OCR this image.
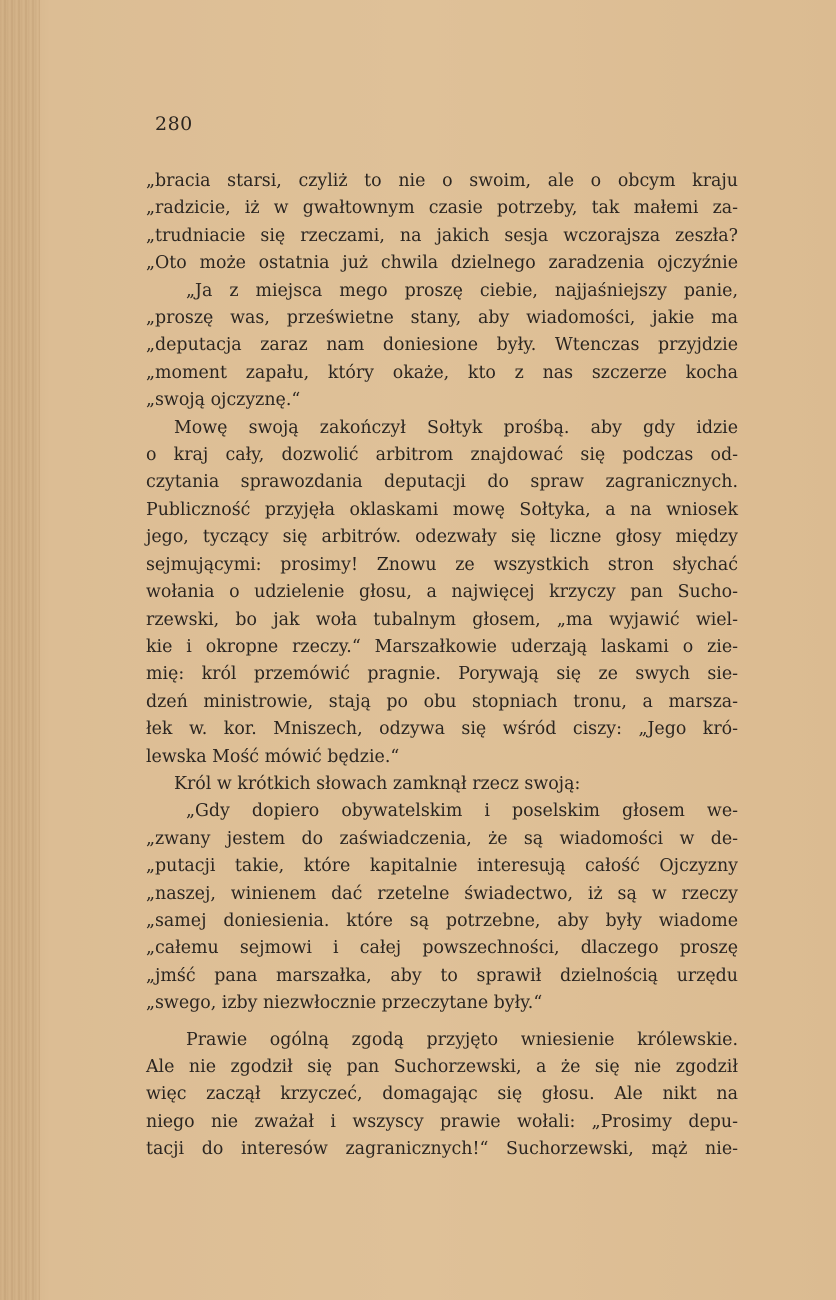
280
„bracia starsi, czyliż to nie o swoim, ale o obcym kraju
„radzicie, iż w gwałtownym czasie potrzeby, tak małemi za-
„trudniacie się rzeczami, na jakich sesja wczorajsza zeszła?
„Oto może ostatnia już chwila dzielnego zaradzenia ojczyźnie
„Ja z miejsca mego proszę ciebie, najjaśniejszy panie,
„proszę was, prześwietne stany, aby wiadomości, jakie ma
„deputacja zaraz nam doniesione były. Wtenczas przyjdzie
„moment zapału, który okaże, kto z nas szczerze kocha
„swoją ojczyznę.“
Mowę swoją zakończył Sołtyk prośbą. aby gdy idzie
o kraj cały, dozwolić arbitrom znajdować się podczas od-
czytania sprawozdania deputacji do spraw zagranicznych.
Publiczność przyjęła oklaskami mowę Sołtyka, a na wniosek
jego, tyczący się arbitrów. odezwały się liczne głosy między
sejmującymi: prosimy! Znowu ze wszystkich stron słychać
wołania o udzielenie głosu, a najwięcej krzyczy pan Sucho-
rzewski, bo jak woła tubalnym głosem, „ma wyjawić wiel-
kie i okropne rzeczy.“ Marszałkowie uderzają laskami o zie-
mię: król przemówić pragnie. Porywają się ze swych sie-
dzeń ministrowie, stają po obu stopniach tronu, a marsza-
łek w. kor. Mniszech, odzywa się wśród ciszy: „Jego kró-
lewska Mość mówić będzie.“
Król w krótkich słowach zamknął rzecz swoją:
„Gdy dopiero obywatelskim i poselskim głosem we-
„zwany jestem do zaświadczenia, że są wiadomości w de-
„putacji takie, które kapitalnie interesują całość Ojczyzny
„naszej, winienem dać rzetelne świadectwo, iż są w rzeczy
„samej doniesienia. które są potrzebne, aby były wiadome
„całemu sejmowi i całej powszechności, dlaczego proszę
„jmść pana marszałka, aby to sprawił dzielnością urzędu
„swego, izby niezwłocznie przeczytane były.“
Prawie ogólną zgodą przyjęto wniesienie królewskie.
Ale nie zgodził się pan Suchorzewski, a że się nie zgodził
więc zaczął krzyczeć, domagając się głosu. Ale nikt na
niego nie zważał i wszyscy prawie wołali: „Prosimy depu-
tacji do interesów zagranicznych!“ Suchorzewski, mąż nie-
